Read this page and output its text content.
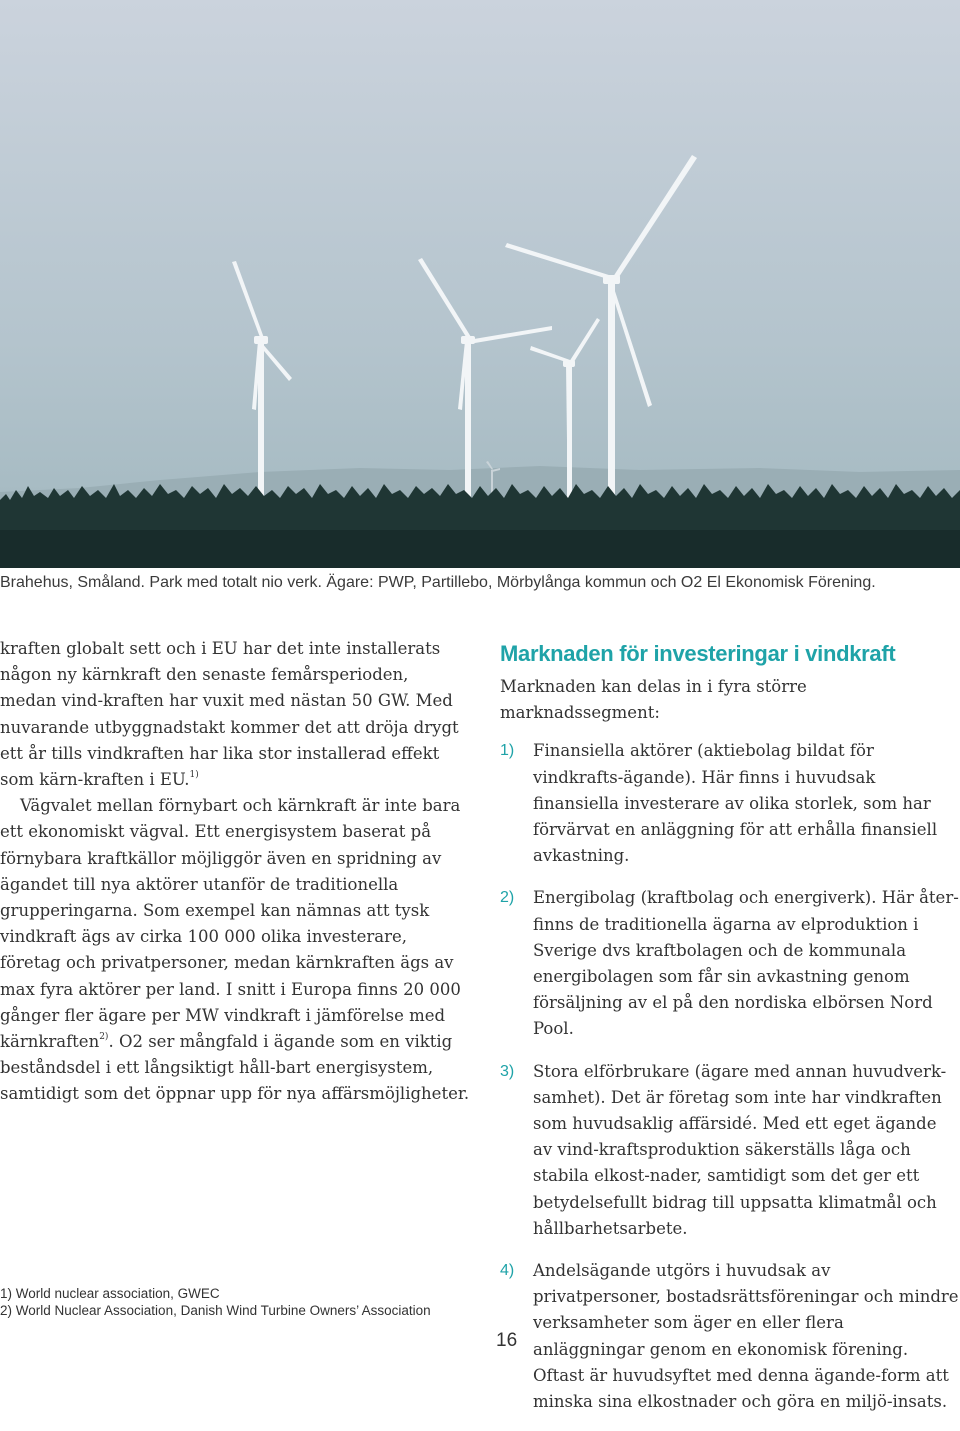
Brahehus, Småland. Park med totalt nio verk. Ägare: PWP, Partillebo, Mörbylånga kommun och O2 El Ekonomisk Förening.

kraften globalt sett och i EU har det inte installerats någon ny kärnkraft den senaste femårsperioden, medan vind-kraften har vuxit med nästan 50 GW. Med nuvarande utbyggnadstakt kommer det att dröja drygt ett år tills vindkraften har lika stor installerad effekt som kärn-kraften i EU.$^{1)}$

Vägvalet mellan förnybart och kärnkraft är inte bara ett ekonomiskt vägval. Ett energisystem baserat på förnybara kraftkällor möjliggör även en spridning av ägandet till nya aktörer utanför de traditionella grupperingarna. Som exempel kan nämnas att tysk vindkraft ägs av cirka 100 000 olika investerare, företag och privatpersoner, medan kärnkraften ägs av max fyra aktörer per land. I snitt i Europa finns 20 000 gånger fler ägare per MW vindkraft i jämförelse med kärnkraften$^{2)}$. O2 ser mångfald i ägande som en viktig beståndsdel i ett långsiktigt håll-bart energisystem, samtidigt som det öppnar upp för nya affärsmöjligheter.

Marknaden för investeringar i vindkraft
Marknaden kan delas in i fyra större marknadssegment:
1) Finansiella aktörer (aktiebolag bildat för vindkrafts-ägande). Här finns i huvudsak finansiella investerare av olika storlek, som har förvärvat en anläggning för att erhålla finansiell avkastning.
2) Energibolag (kraftbolag och energiverk). Här åter-finns de traditionella ägarna av elproduktion i Sverige dvs kraftbolagen och de kommunala energibolagen som får sin avkastning genom försäljning av el på den nordiska elbörsen Nord Pool.
3) Stora elförbrukare (ägare med annan huvudverk-samhet). Det är företag som inte har vindkraften som huvudsaklig affärsidé. Med ett eget ägande av vind-kraftsproduktion säkerställs låga och stabila elkost-nader, samtidigt som det ger ett betydelsefullt bidrag till uppsatta klimatmål och hållbarhetsarbete.
4) Andelsägande utgörs i huvudsak av privatpersoner, bostadsrättsföreningar och mindre verksamheter som äger en eller flera anläggningar genom en ekonomisk förening. Oftast är huvudsyftet med denna ägande-form att minska sina elkostnader och göra en miljö-insats.
1) World nuclear association, GWEC
2) World Nuclear Association, Danish Wind Turbine Owners’ Association
16
